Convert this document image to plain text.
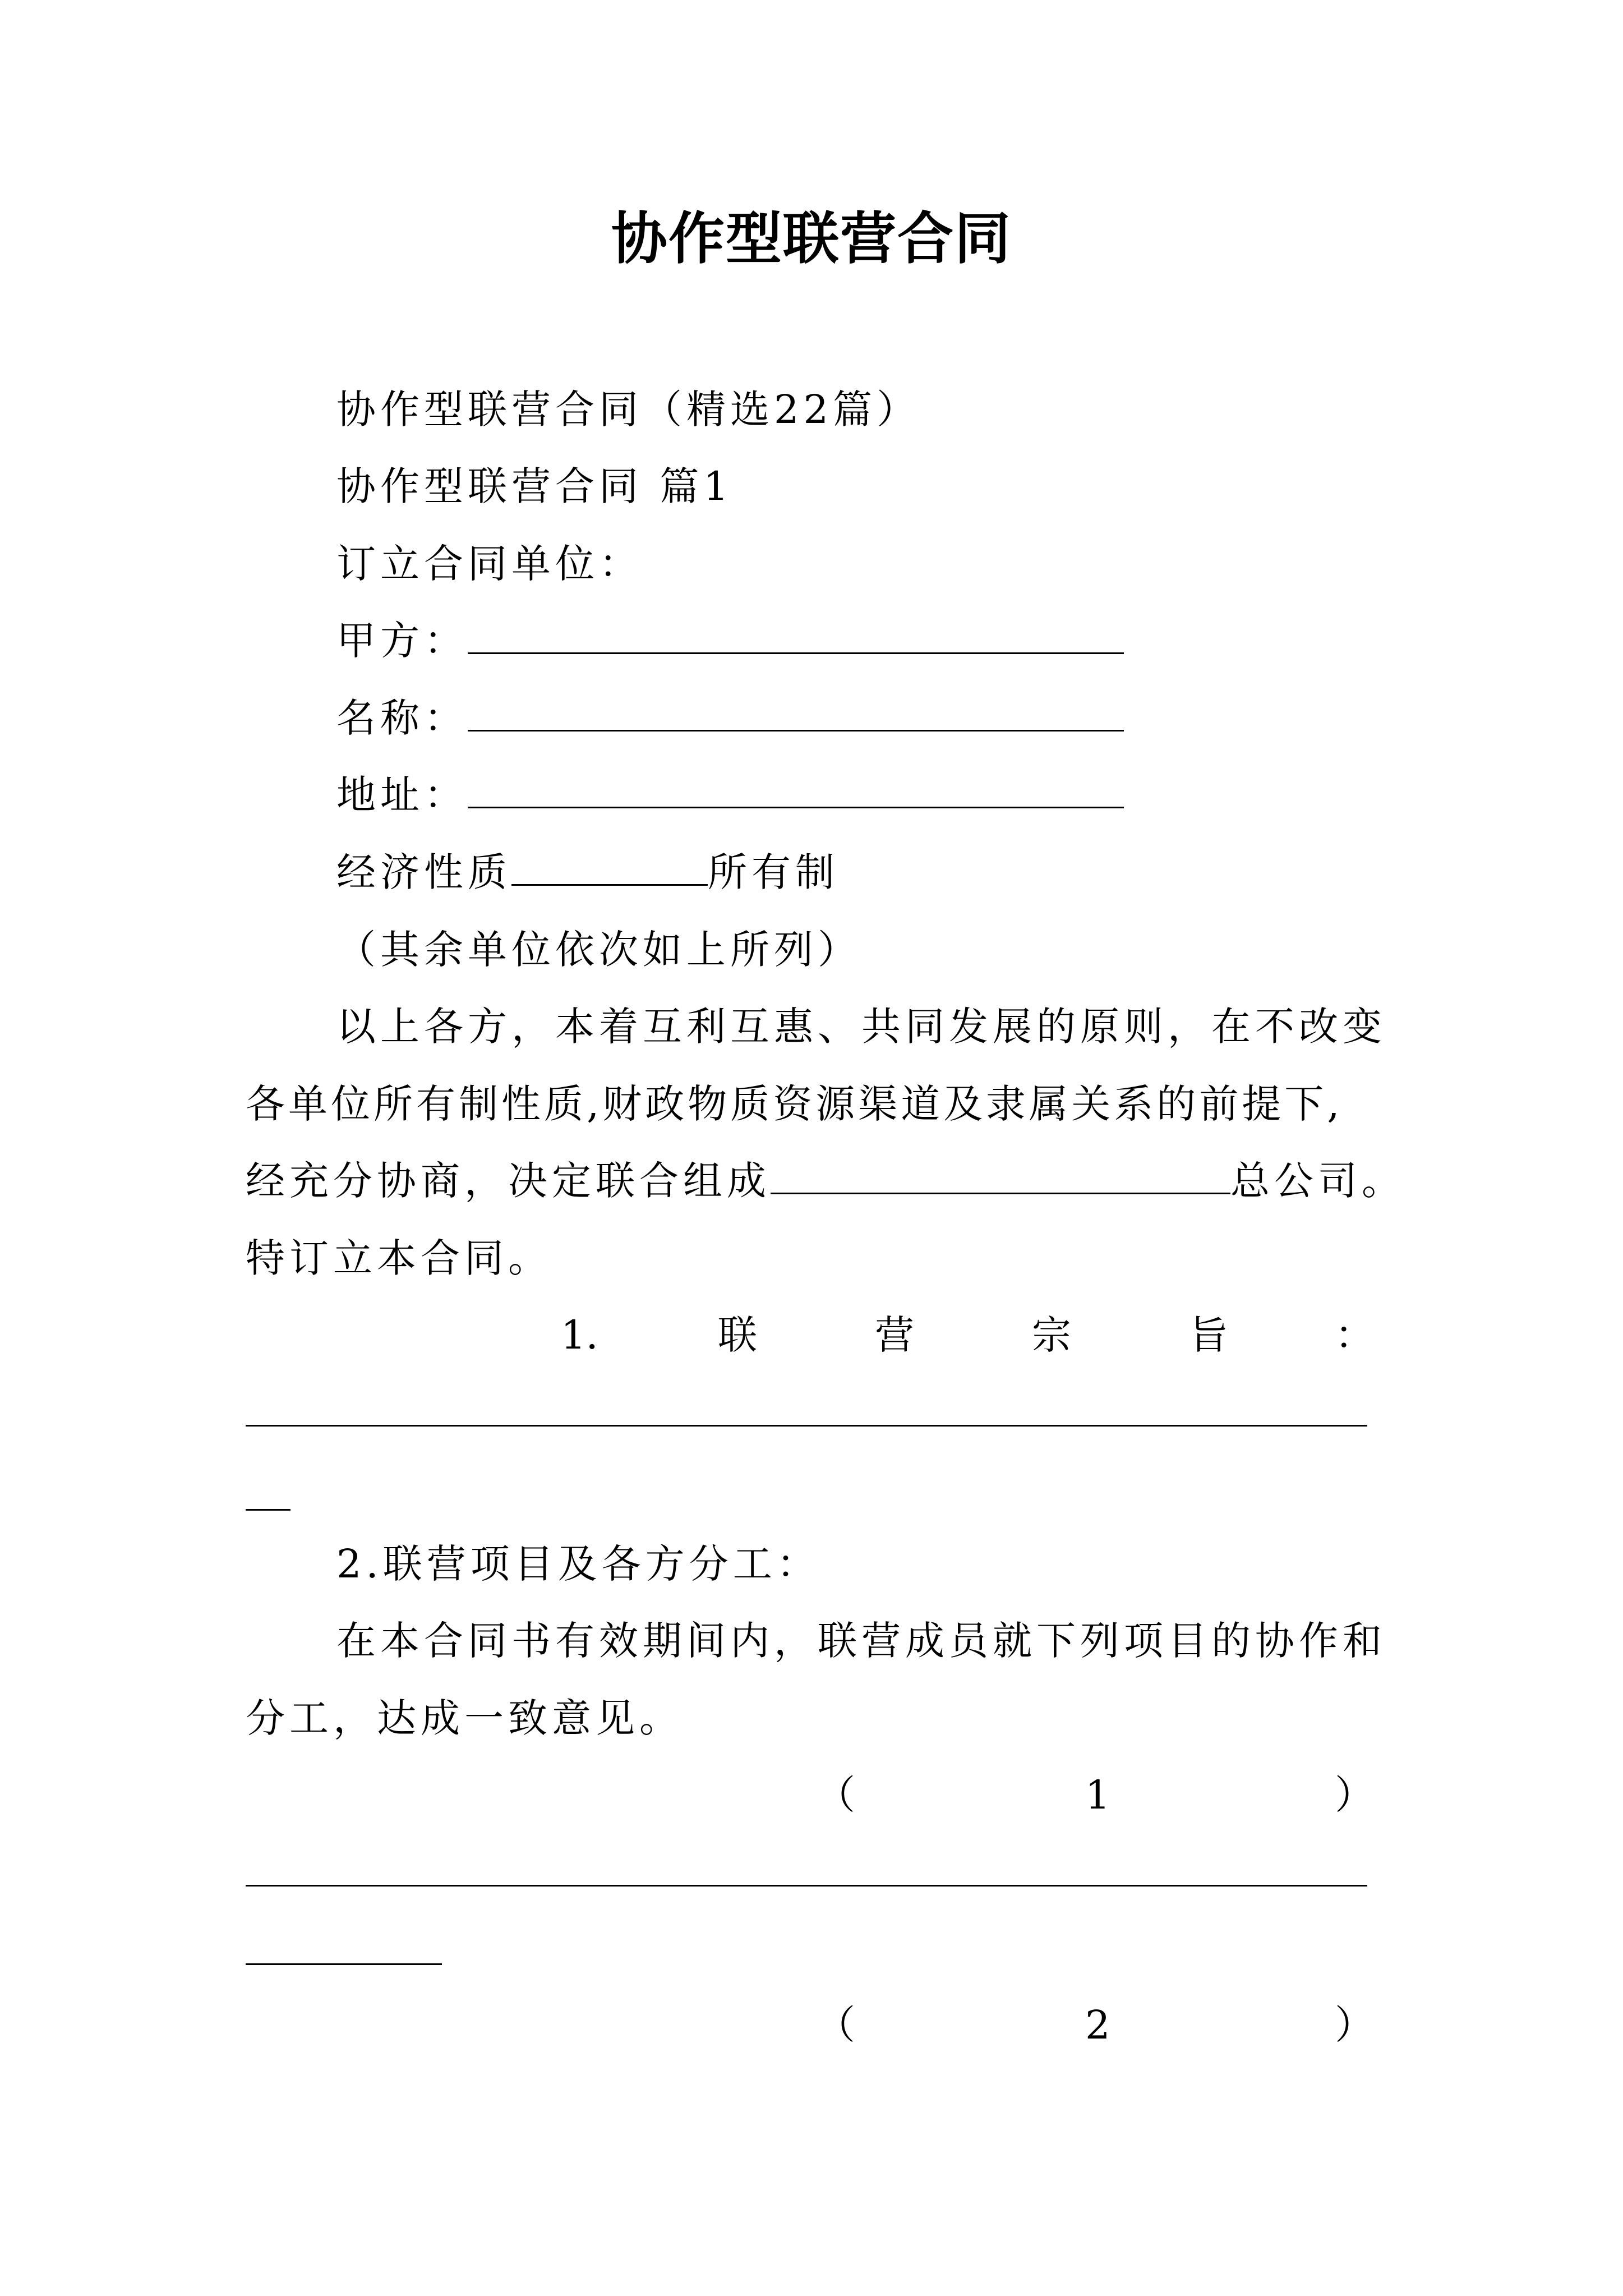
协作型联营合同
协作型联营合同（精选22篇）
协作型联营合同 篇1
订立合同单位：
甲方：
名称：
地址：
经济性质	所有制
（其余单位依次如上所列）
以上各方，本着互利互惠、共同发展的原则，在不改变
各单位所有制性质,财政物质资源渠道及隶属关系的前提下,
经充分协商，决定联合组成	总公司。
特订立本合同。
1.	联	营	宗	旨	：
2.联营项目及各方分工：
在本合同书有效期间内，联营成员就下列项目的协作和
分工，达成一致意见。
（	1	）
（	2	）
